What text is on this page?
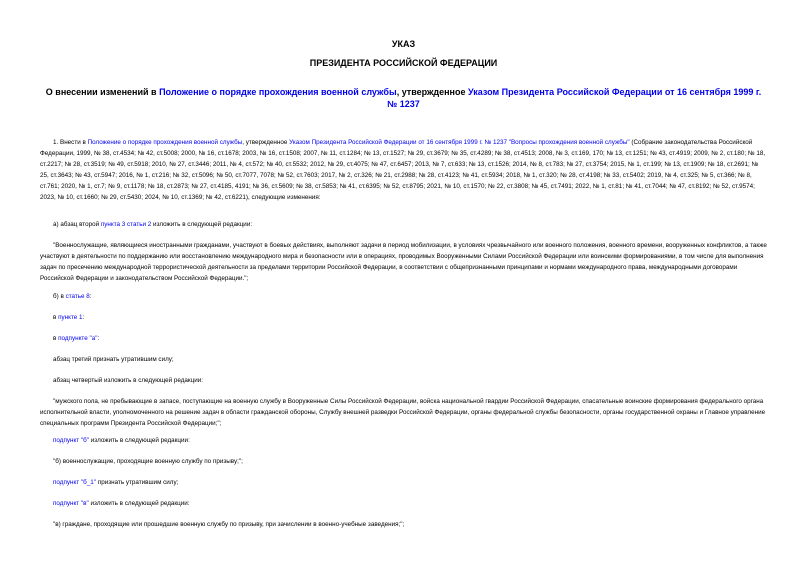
УКАЗ
ПРЕЗИДЕНТА РОССИЙСКОЙ ФЕДЕРАЦИИ
О внесении изменений в Положение о порядке прохождения военной службы, утвержденное Указом Президента Российской Федерации от 16 сентября 1999 г. № 1237
1. Внести в Положение о порядке прохождения военной службы, утвержденное Указом Президента Российской Федерации от 16 сентября 1999 г. № 1237 "Вопросы прохождения военной службы" (Собрание законодательства Российской Федерации, 1999, № 38, ст.4534; № 42, ст.5008; 2000, № 16, ст.1678; 2003, № 16, ст.1508; 2007, № 11, ст.1284; № 13, ст.1527; № 29, ст.3679; № 35, ст.4289; № 38, ст.4513; 2008, № 3, ст.169, 170; № 13, ст.1251; № 43, ст.4919; 2009, № 2, ст.180; № 18, ст.2217; № 28, ст.3519; № 49, ст.5918; 2010, № 27, ст.3446; 2011, № 4, ст.572; № 40, ст.5532; 2012, № 29, ст.4075; № 47, ст.6457; 2013, № 7, ст.633; № 13, ст.1526; 2014, № 8, ст.783; № 27, ст.3754; 2015, № 1, ст.199; № 13, ст.1909; № 18, ст.2691; № 25, ст.3643; № 43, ст.5947; 2016, № 1, ст.216; № 32, ст.5096; № 50, ст.7077, 7078; № 52, ст.7603; 2017, № 2, ст.326; № 21, ст.2988; № 28, ст.4123; № 41, ст.5934; 2018, № 1, ст.320; № 28, ст.4198; № 33, ст.5402; 2019, № 4, ст.325; № 5, ст.366; № 8, ст.761; 2020, № 1, ст.7; № 9, ст.1178; № 18, ст.2873; № 27, ст.4185, 4191; № 36, ст.5609; № 38, ст.5853; № 41, ст.6395; № 52, ст.8795; 2021, № 10, ст.1570; № 22, ст.3808; № 45, ст.7491; 2022, № 1, ст.81; № 41, ст.7044; № 47, ст.8192; № 52, ст.9574; 2023, № 10, ст.1660; № 29, ст.5430; 2024, № 10, ст.1369; № 42, ст.6221), следующие изменения:
а) абзац второй пункта 3 статьи 2 изложить в следующей редакции:
"Военнослужащие, являющиеся иностранными гражданами, участвуют в боевых действиях, выполняют задачи в период мобилизации, в условиях чрезвычайного или военного положения, военного времени, вооруженных конфликтов, а также участвуют в деятельности по поддержанию или восстановлению международного мира и безопасности или в операциях, проводимых Вооруженными Силами Российской Федерации или воинскими формированиями, в том числе для выполнения задач по пресечению международной террористической деятельности за пределами территории Российской Федерации, в соответствии с общепризнанными принципами и нормами международного права, международными договорами Российской Федерации и законодательством Российской Федерации.";
б) в статье 8:
в пункте 1:
в подпункте "а":
абзац третий признать утратившим силу;
абзац четвертый изложить в следующей редакции:
"мужского пола, не пребывающие в запасе, поступающие на военную службу в Вооруженные Силы Российской Федерации, войска национальной гвардии Российской Федерации, спасательные воинские формирования федерального органа исполнительной власти, уполномоченного на решение задач в области гражданской обороны, Службу внешней разведки Российской Федерации, органы федеральной службы безопасности, органы государственной охраны и Главное управление специальных программ Президента Российской Федерации;";
подпункт "б" изложить в следующей редакции:
"б) военнослужащие, проходящие военную службу по призыву;";
подпункт "б_1" признать утратившим силу;
подпункт "в" изложить в следующей редакции:
"в) граждане, проходящие или прошедшие военную службу по призыву, при зачислении в военно-учебные заведения;";
